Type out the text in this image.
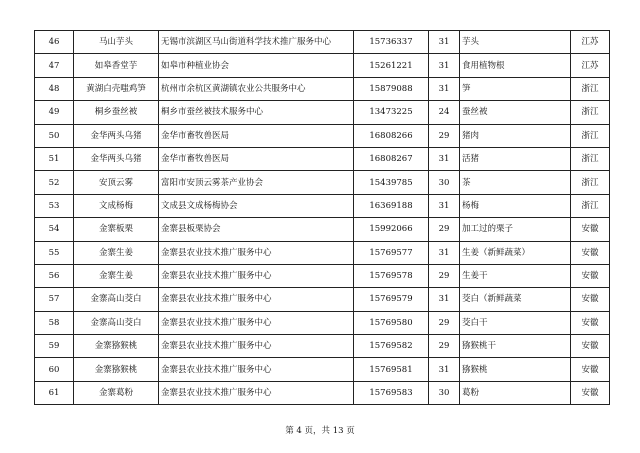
46	马山芋头	无锡市滨湖区马山街道科学技术推广服务中心	15736337	31	芋头	江苏
47	如皋香堂芋	如皋市种植业协会	15261221	31	食用植物根	江苏
48	黄湖白壳嗤鸡笋	杭州市余杭区黄湖镇农业公共服务中心	15879088	31	笋	浙江
49	桐乡蚕丝被	桐乡市蚕丝被技术服务中心	13473225	24	蚕丝被	浙江
50	金华两头乌猪	金华市畜牧兽医局	16808266	29	猪肉	浙江
51	金华两头乌猪	金华市畜牧兽医局	16808267	31	活猪	浙江
52	安顶云雾	富阳市安顶云雾茶产业协会	15439785	30	茶	浙江
53	文成杨梅	文成县文成杨梅协会	16369188	31	杨梅	浙江
54	金寨板栗	金寨县板栗协会	15992066	29	加工过的栗子	安徽
55	金寨生姜	金寨县农业技术推广服务中心	15769577	31	生姜（新鲜蔬菜）	安徽
56	金寨生姜	金寨县农业技术推广服务中心	15769578	29	生姜干	安徽
57	金寨高山茭白	金寨县农业技术推广服务中心	15769579	31	茭白（新鲜蔬菜	安徽
58	金寨高山茭白	金寨县农业技术推广服务中心	15769580	29	茭白干	安徽
59	金寨猕猴桃	金寨县农业技术推广服务中心	15769582	29	猕猴桃干	安徽
60	金寨猕猴桃	金寨县农业技术推广服务中心	15769581	31	猕猴桃	安徽
61	金寨葛粉	金寨县农业技术推广服务中心	15769583	30	葛粉	安徽
第 4 页，共 13 页
